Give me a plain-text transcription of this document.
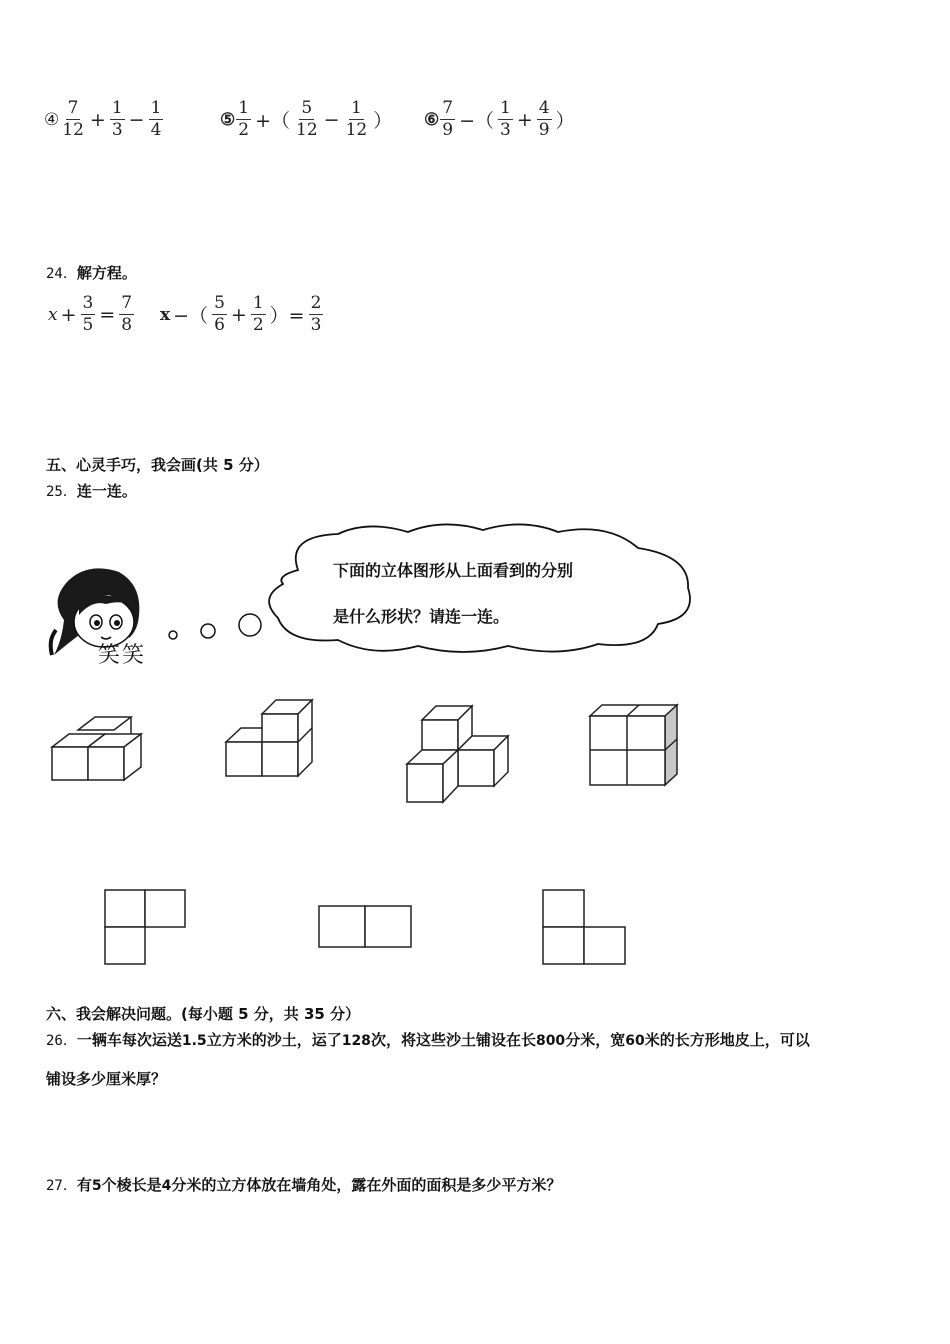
④ $\frac{7}{12} + \frac{1}{3} - \frac{1}{4}$	⑤ $\frac{1}{2}$ +（ $\frac{5}{12} - \frac{1}{12}$ ） ⑥ $\frac{7}{9}$ −（ $\frac{1}{3} + \frac{4}{9}$ ）
24．解方程。
$x + \frac{3}{5} = \frac{7}{8}$ x −（ $\frac{5}{6} + \frac{1}{2}$ ）= $\frac{2}{3}$
五、心灵手巧，我会画(共 5 分）
25．连一连。
笑笑
下面的立体图形从上面看到的分别
是什么形状？请连一连。
六、我会解决问题。(每小题 5 分，共 35 分）
26．一辆车每次运送1.5立方米的沙土，运了128次，将这些沙土铺设在长800分米，宽60米的长方形地皮上，可以
铺设多少厘米厚？
27．有5个棱长是4分米的立方体放在墙角处，露在外面的面积是多少平方米？
